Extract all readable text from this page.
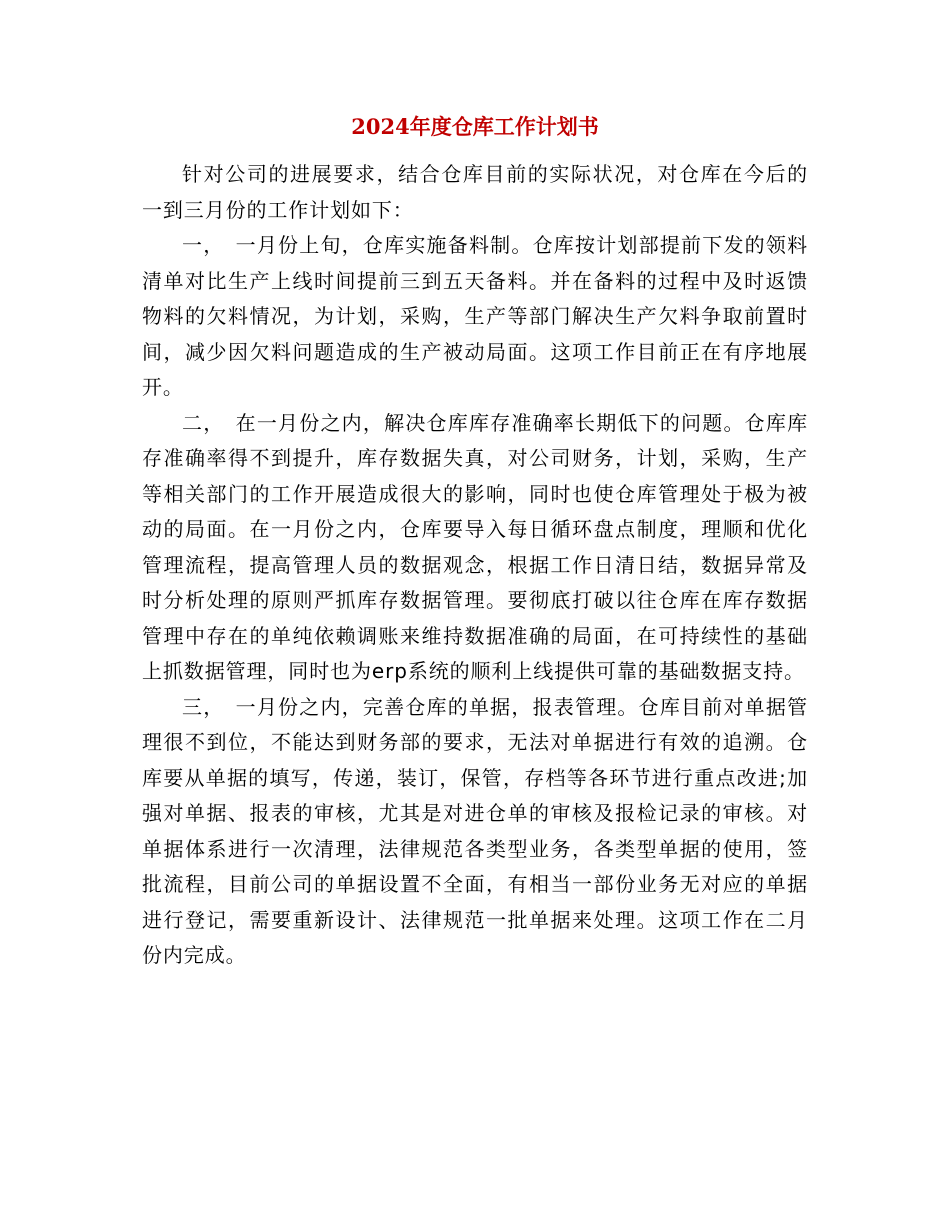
2024年度仓库工作计划书

针对公司的进展要求，结合仓库目前的实际状况，对仓库在今后的一到三月份的工作计划如下：

一，　一月份上旬，仓库实施备料制。仓库按计划部提前下发的领料清单对比生产上线时间提前三到五天备料。并在备料的过程中及时返馈物料的欠料情况，为计划，采购，生产等部门解决生产欠料争取前置时间，减少因欠料问题造成的生产被动局面。这项工作目前正在有序地展开。

二，　在一月份之内，解决仓库库存准确率长期低下的问题。仓库库存准确率得不到提升，库存数据失真，对公司财务，计划，采购，生产等相关部门的工作开展造成很大的影响，同时也使仓库管理处于极为被动的局面。在一月份之内，仓库要导入每日循环盘点制度，理顺和优化管理流程，提高管理人员的数据观念，根据工作日清日结，数据异常及时分析处理的原则严抓库存数据管理。要彻底打破以往仓库在库存数据管理中存在的单纯依赖调账来维持数据准确的局面，在可持续性的基础上抓数据管理，同时也为erp系统的顺利上线提供可靠的基础数据支持。

三，　一月份之内，完善仓库的单据，报表管理。仓库目前对单据管理很不到位，不能达到财务部的要求，无法对单据进行有效的追溯。仓库要从单据的填写，传递，装订，保管，存档等各环节进行重点改进;加强对单据、报表的审核，尤其是对进仓单的审核及报检记录的审核。对单据体系进行一次清理，法律规范各类型业务，各类型单据的使用，签批流程，目前公司的单据设置不全面，有相当一部份业务无对应的单据进行登记，需要重新设计、法律规范一批单据来处理。这项工作在二月份内完成。
